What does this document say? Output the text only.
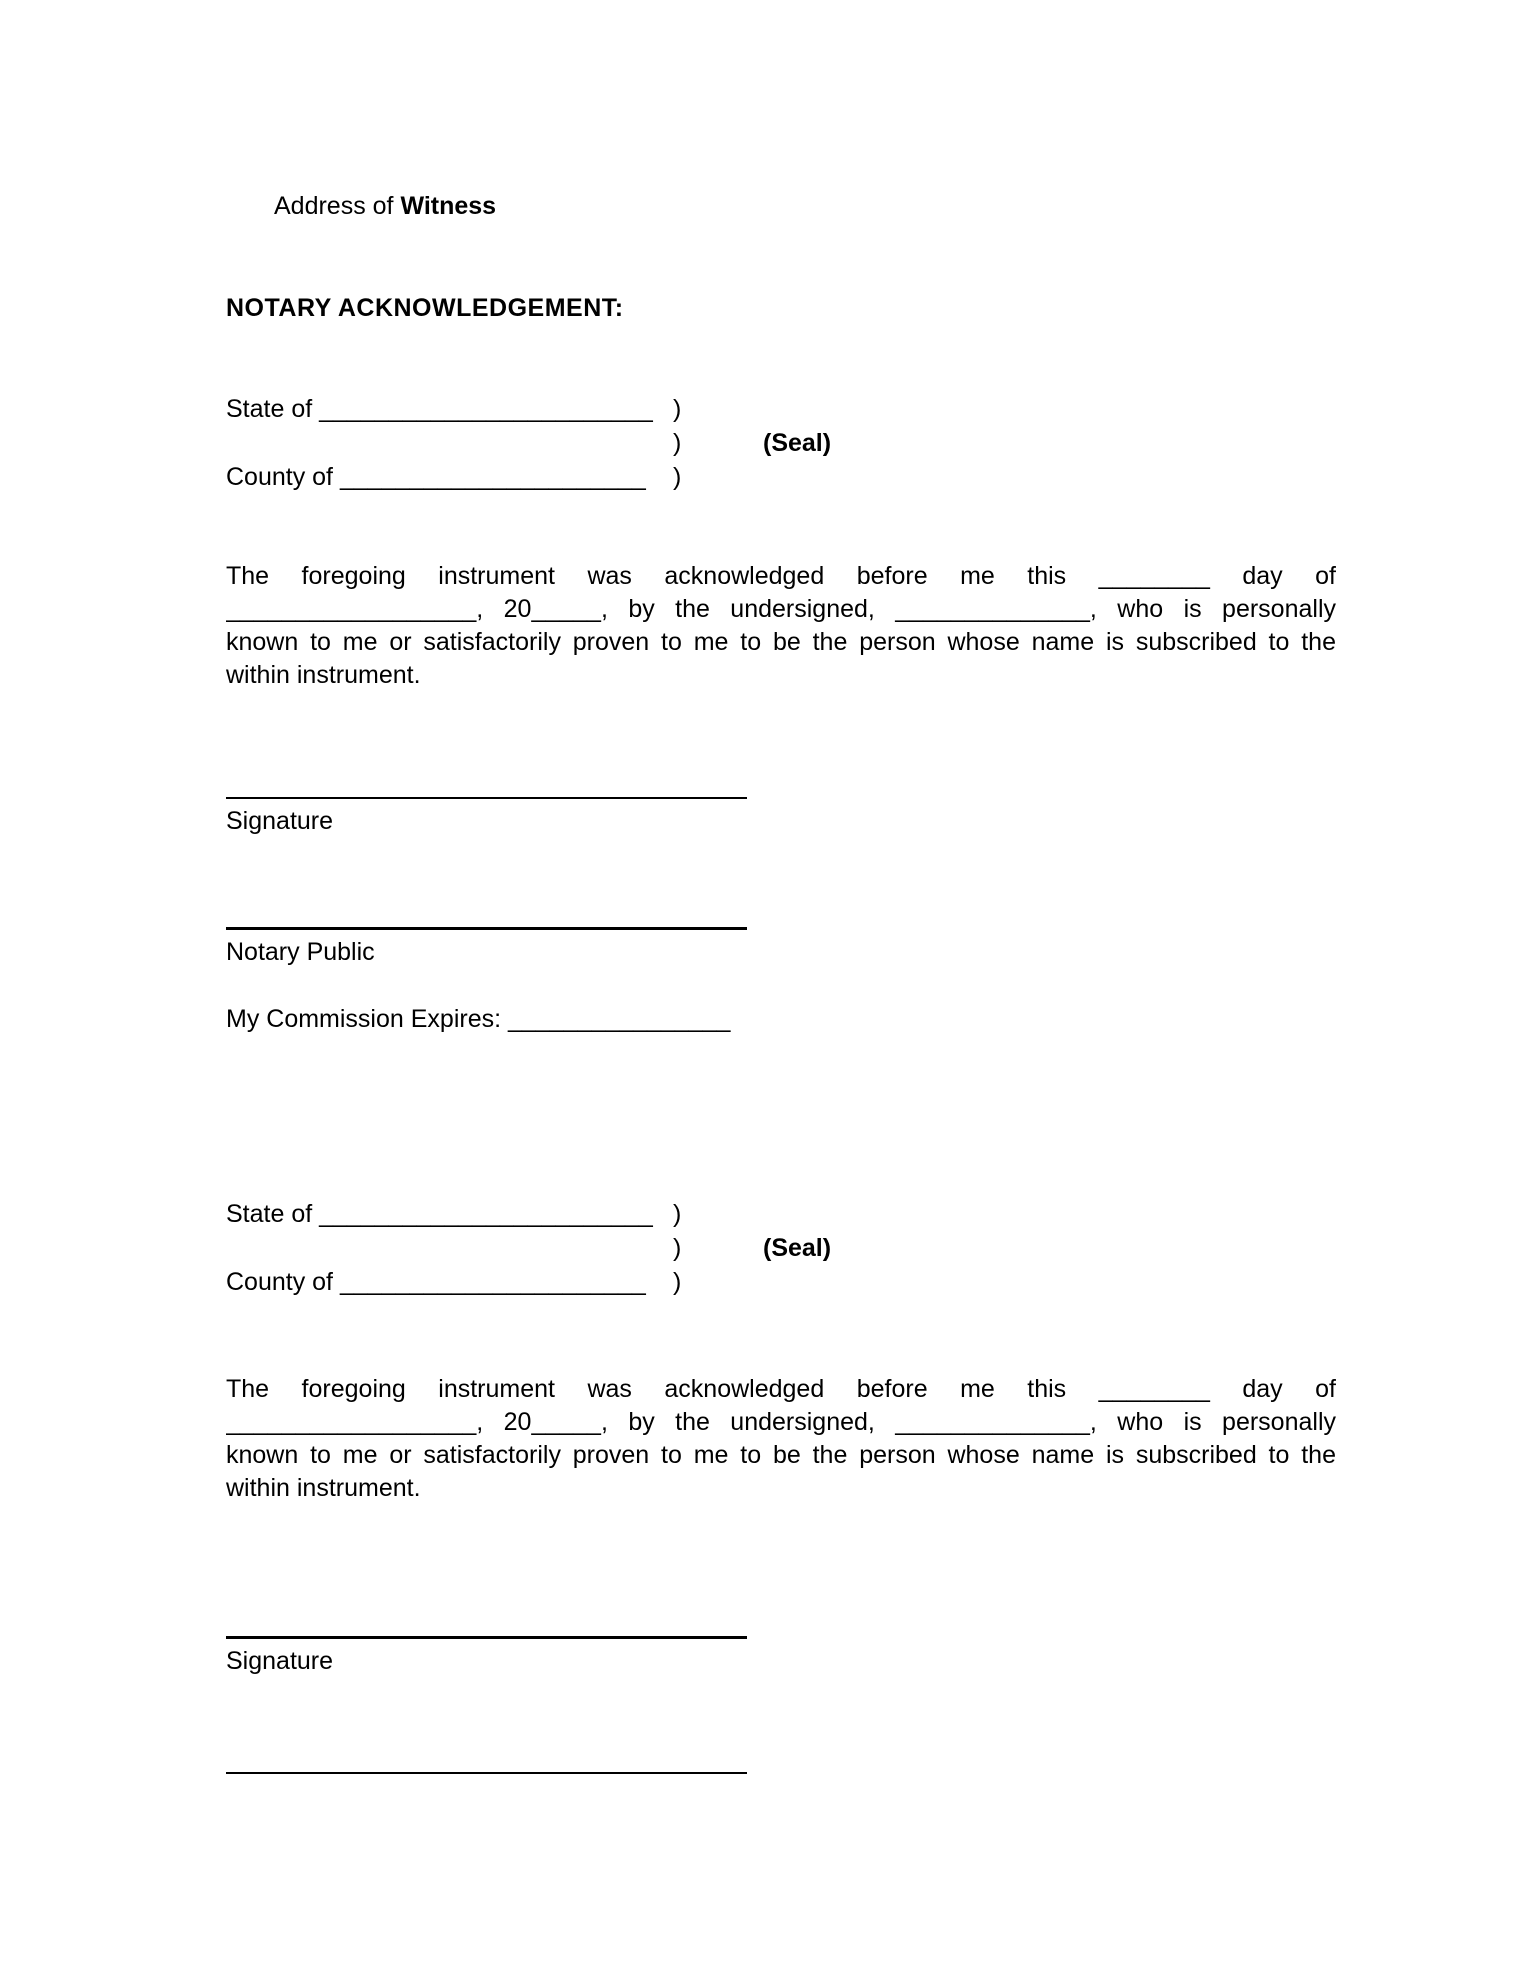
Address of Witness
NOTARY ACKNOWLEDGEMENT:
State of ________________________ )
)	(Seal)
County of ______________________	)
The foregoing instrument was acknowledged before me this ________ day of
__________________, 20_____, by the undersigned, ______________, who is personally
known to me or satisfactorily proven to me to be the person whose name is subscribed to the
within instrument.
Signature
Notary Public
My Commission Expires: ________________
State of ________________________ )
)	(Seal)
County of ______________________	)
The foregoing instrument was acknowledged before me this ________ day of
__________________, 20_____, by the undersigned, ______________, who is personally
known to me or satisfactorily proven to me to be the person whose name is subscribed to the
within instrument.
Signature
